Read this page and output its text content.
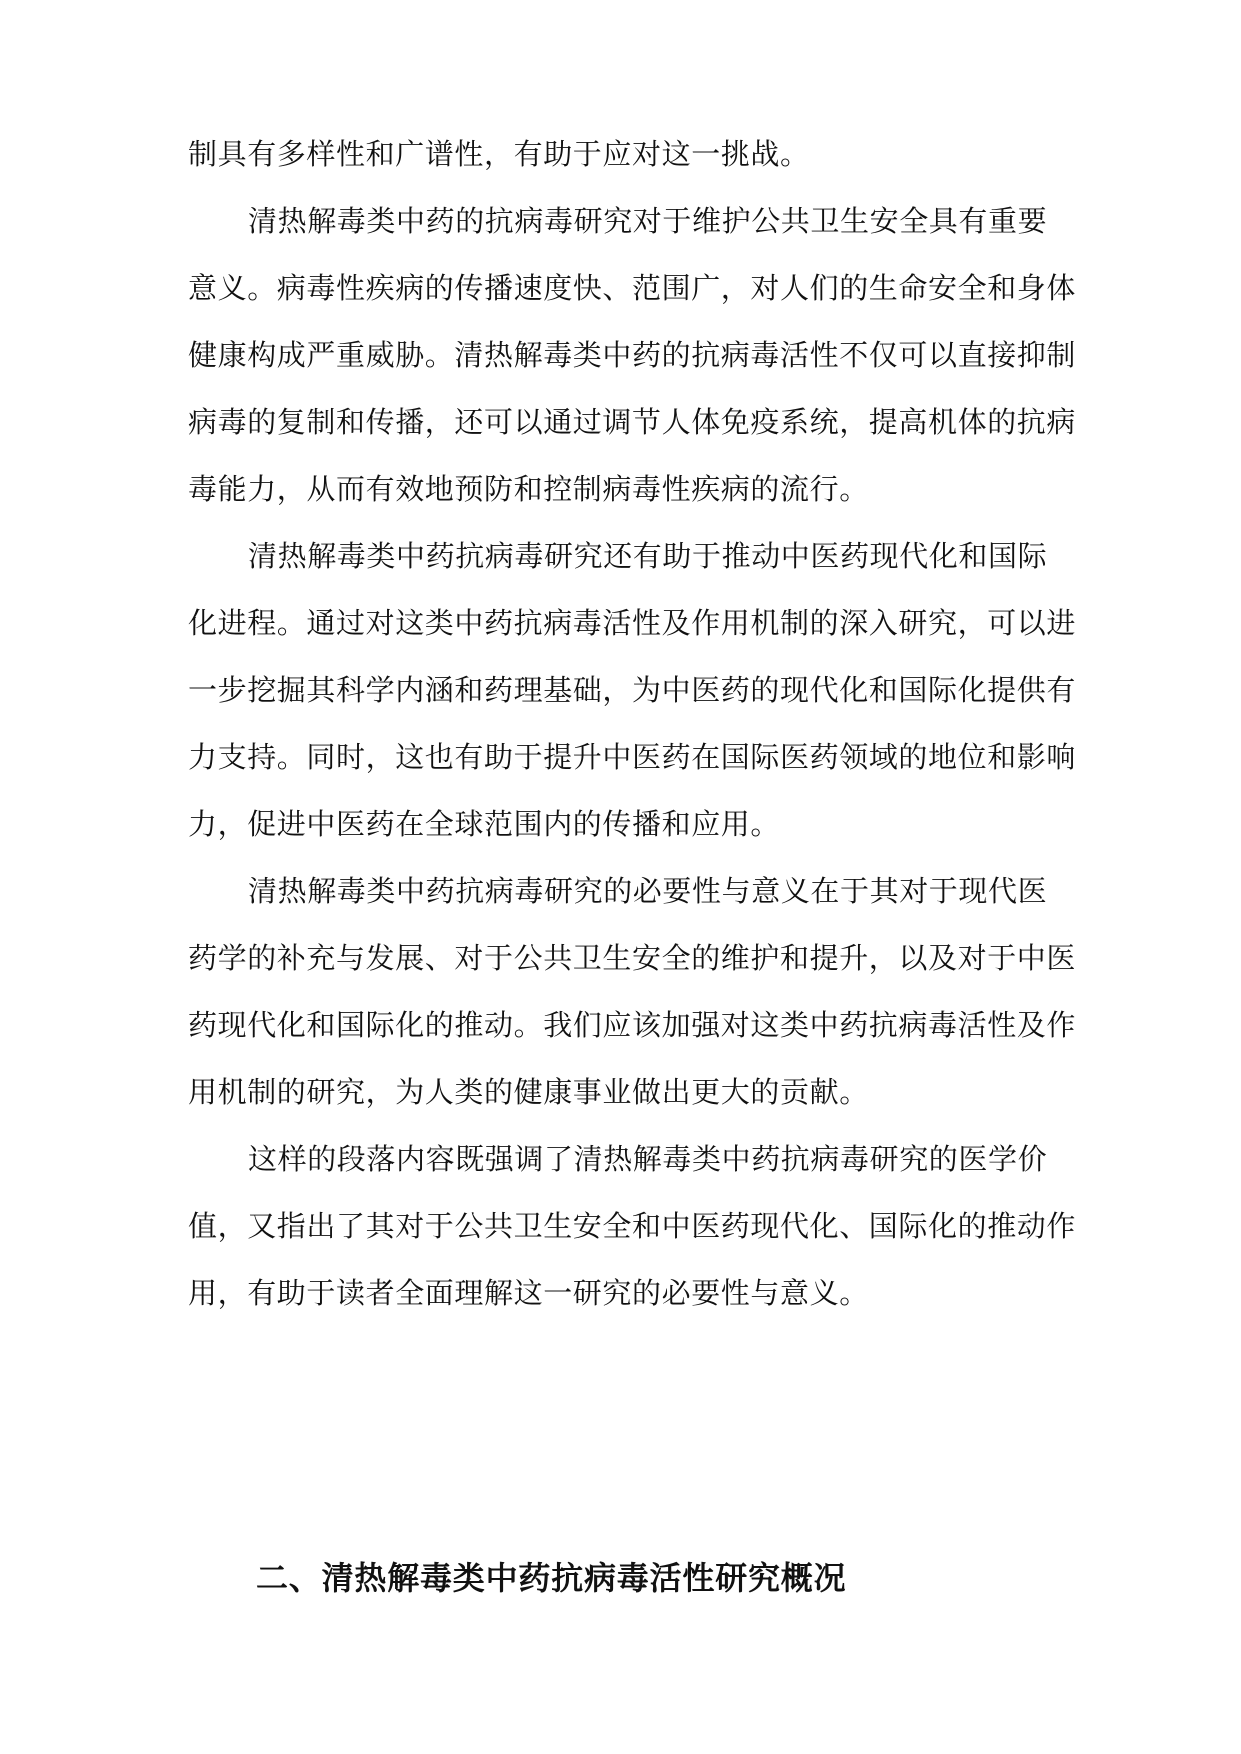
制具有多样性和广谱性，有助于应对这一挑战。
清热解毒类中药的抗病毒研究对于维护公共卫生安全具有重要
意义。病毒性疾病的传播速度快、范围广，对人们的生命安全和身体
健康构成严重威胁。清热解毒类中药的抗病毒活性不仅可以直接抑制
病毒的复制和传播，还可以通过调节人体免疫系统，提高机体的抗病
毒能力，从而有效地预防和控制病毒性疾病的流行。
清热解毒类中药抗病毒研究还有助于推动中医药现代化和国际
化进程。通过对这类中药抗病毒活性及作用机制的深入研究，可以进
一步挖掘其科学内涵和药理基础，为中医药的现代化和国际化提供有
力支持。同时，这也有助于提升中医药在国际医药领域的地位和影响
力，促进中医药在全球范围内的传播和应用。
清热解毒类中药抗病毒研究的必要性与意义在于其对于现代医
药学的补充与发展、对于公共卫生安全的维护和提升，以及对于中医
药现代化和国际化的推动。我们应该加强对这类中药抗病毒活性及作
用机制的研究，为人类的健康事业做出更大的贡献。
这样的段落内容既强调了清热解毒类中药抗病毒研究的医学价
值，又指出了其对于公共卫生安全和中医药现代化、国际化的推动作
用，有助于读者全面理解这一研究的必要性与意义。
二、清热解毒类中药抗病毒活性研究概况
